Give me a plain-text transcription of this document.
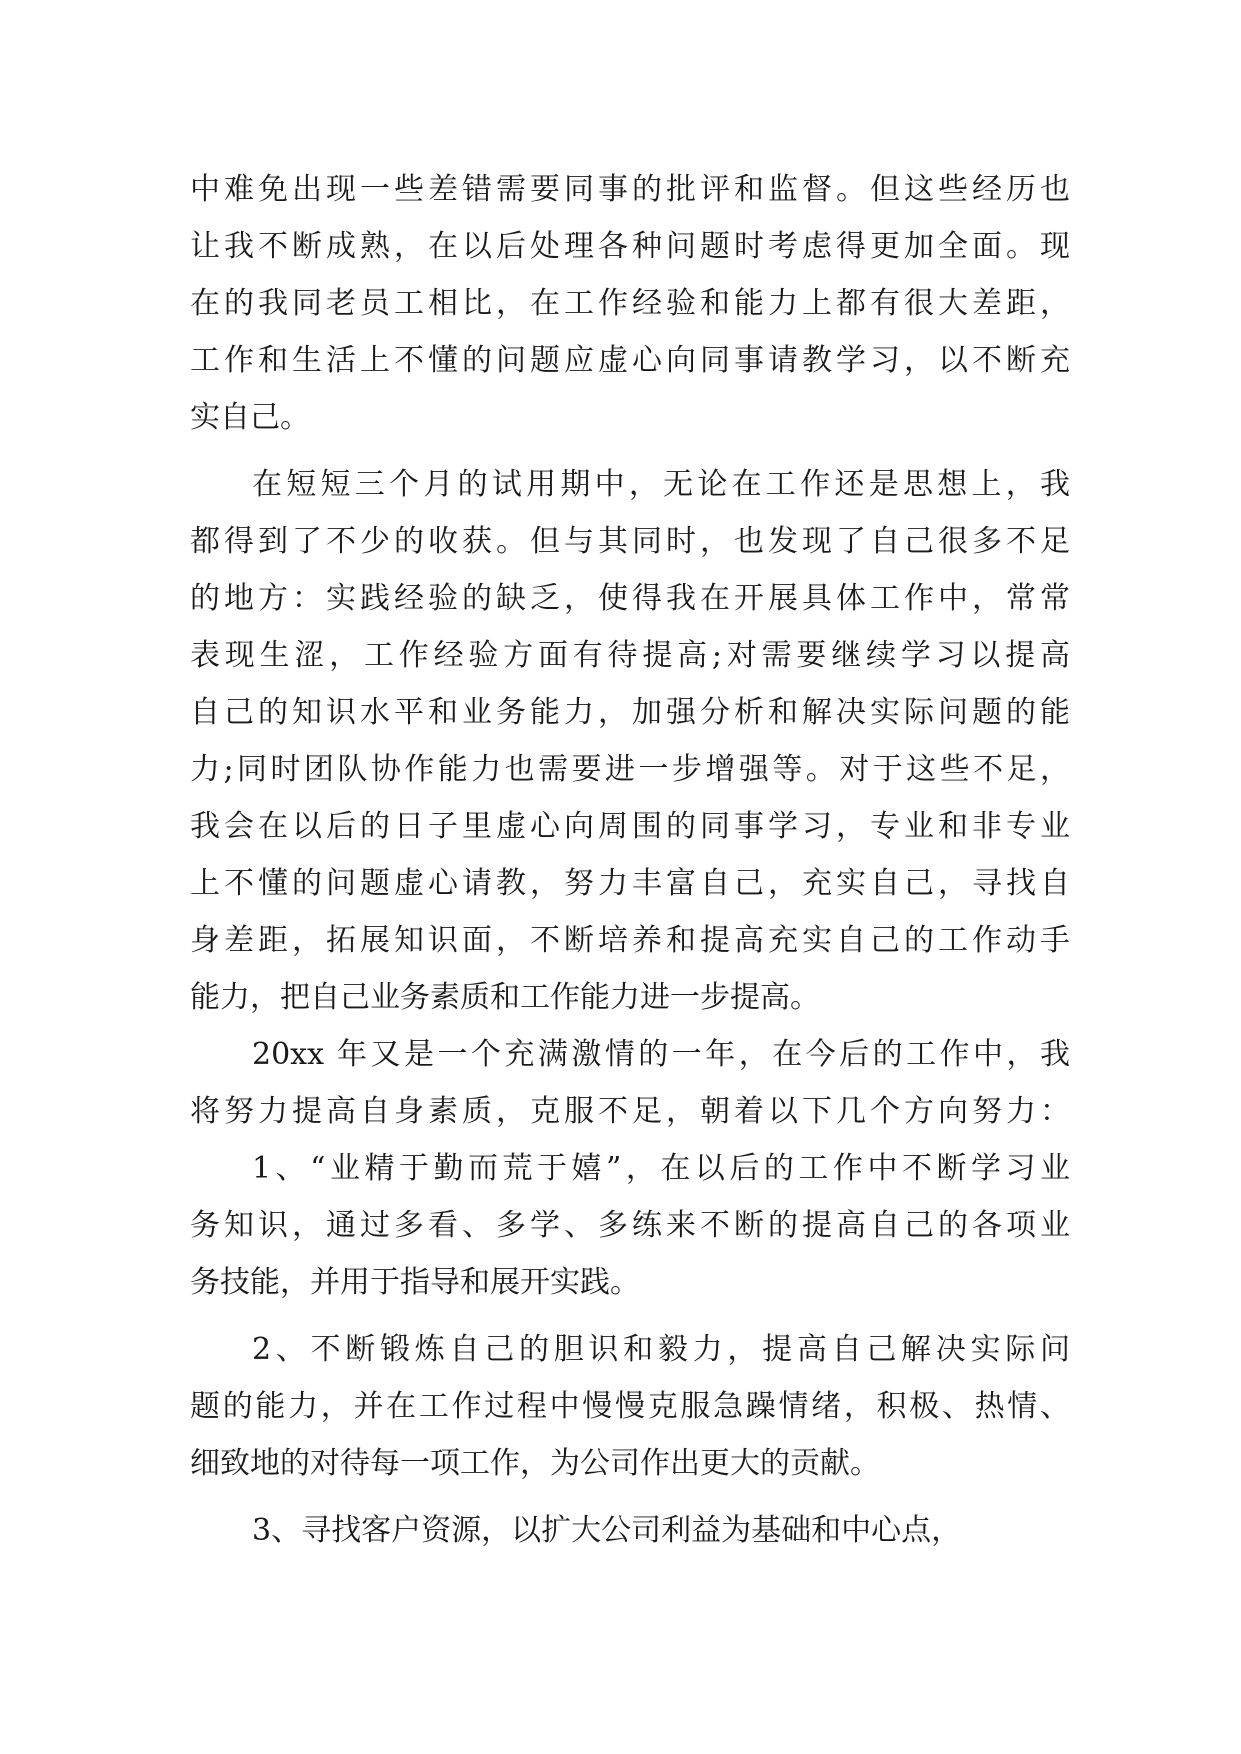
中难免出现一些差错需要同事的批评和监督。但这些经历也
让我不断成熟，在以后处理各种问题时考虑得更加全面。现
在的我同老员工相比，在工作经验和能力上都有很大差距，
工作和生活上不懂的问题应虚心向同事请教学习，以不断充
实自己。
在短短三个月的试用期中，无论在工作还是思想上，我
都得到了不少的收获。但与其同时，也发现了自己很多不足
的地方：实践经验的缺乏，使得我在开展具体工作中，常常
表现生涩，工作经验方面有待提高;对需要继续学习以提高
自己的知识水平和业务能力，加强分析和解决实际问题的能
力;同时团队协作能力也需要进一步增强等。对于这些不足，
我会在以后的日子里虚心向周围的同事学习，专业和非专业
上不懂的问题虚心请教，努力丰富自己，充实自己，寻找自
身差距，拓展知识面，不断培养和提高充实自己的工作动手
能力，把自己业务素质和工作能力进一步提高。
20xx 年又是一个充满激情的一年，在今后的工作中，我
将努力提高自身素质，克服不足，朝着以下几个方向努力：
1、“业精于勤而荒于嬉”，在以后的工作中不断学习业
务知识，通过多看、多学、多练来不断的提高自己的各项业
务技能，并用于指导和展开实践。
2、不断锻炼自己的胆识和毅力，提高自己解决实际问
题的能力，并在工作过程中慢慢克服急躁情绪，积极、热情、
细致地的对待每一项工作，为公司作出更大的贡献。
3、寻找客户资源，以扩大公司利益为基础和中心点，
